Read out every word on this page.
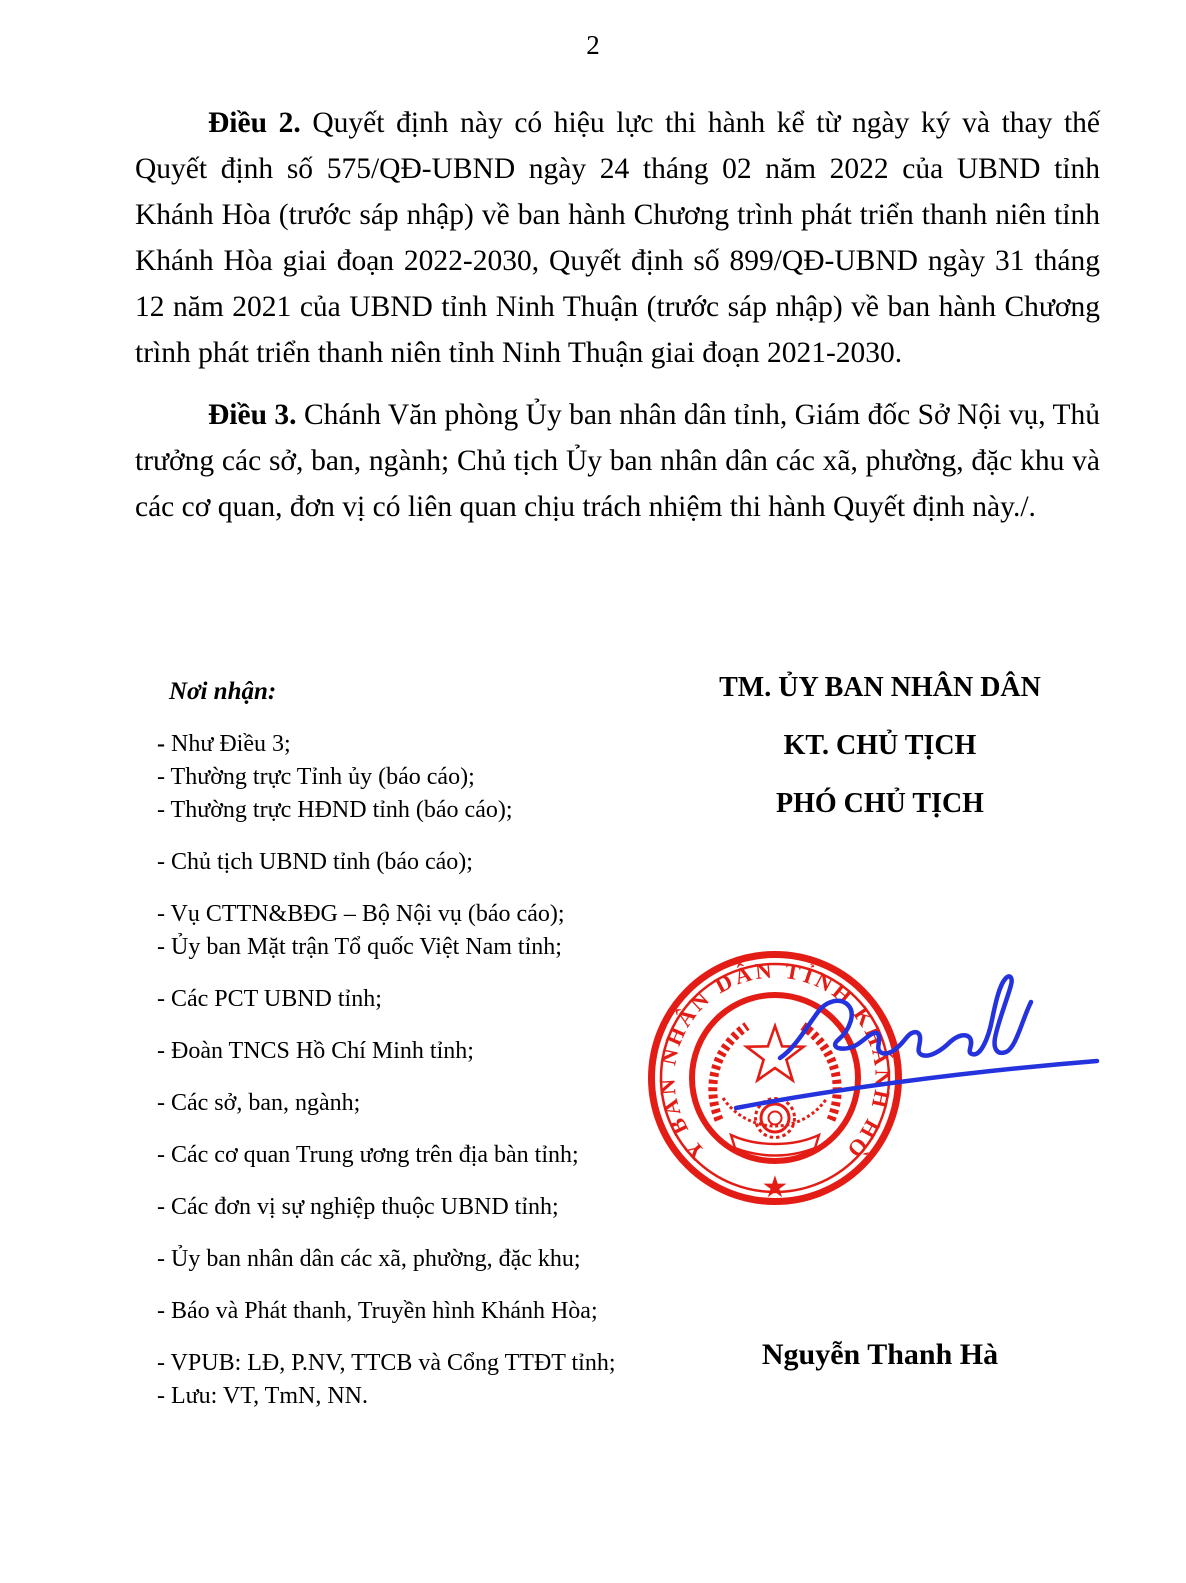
2

Điều 2. Quyết định này có hiệu lực thi hành kể từ ngày ký và thay thế Quyết định số 575/QĐ-UBND ngày 24 tháng 02 năm 2022 của UBND tỉnh Khánh Hòa (trước sáp nhập) về ban hành Chương trình phát triển thanh niên tỉnh Khánh Hòa giai đoạn 2022-2030, Quyết định số 899/QĐ-UBND ngày 31 tháng 12 năm 2021 của UBND tỉnh Ninh Thuận (trước sáp nhập) về ban hành Chương trình phát triển thanh niên tỉnh Ninh Thuận giai đoạn 2021-2030.

Điều 3. Chánh Văn phòng Ủy ban nhân dân tỉnh, Giám đốc Sở Nội vụ, Thủ trưởng các sở, ban, ngành; Chủ tịch Ủy ban nhân dân các xã, phường, đặc khu và các cơ quan, đơn vị có liên quan chịu trách nhiệm thi hành Quyết định này./.

Nơi nhận:
- Như Điều 3;
- Thường trực Tỉnh ủy (báo cáo);
- Thường trực HĐND tỉnh (báo cáo);
- Chủ tịch UBND tỉnh (báo cáo);
- Vụ CTTN&BĐG – Bộ Nội vụ (báo cáo);
- Ủy ban Mặt trận Tổ quốc Việt Nam tỉnh;
- Các PCT UBND tỉnh;
- Đoàn TNCS Hồ Chí Minh tỉnh;
- Các sở, ban, ngành;
- Các cơ quan Trung ương trên địa bàn tỉnh;
- Các đơn vị sự nghiệp thuộc UBND tỉnh;
- Ủy ban nhân dân các xã, phường, đặc khu;
- Báo và Phát thanh, Truyền hình Khánh Hòa;
- VPUB: LĐ, P.NV, TTCB và Cổng TTĐT tỉnh;
- Lưu: VT, TmN, NN.
TM. ỦY BAN NHÂN DÂN
KT. CHỦ TỊCH
PHÓ CHỦ TỊCH
ỦY BAN NHÂN DÂN TỈNH KHÁNH HÒA
★
Nguyễn Thanh Hà
